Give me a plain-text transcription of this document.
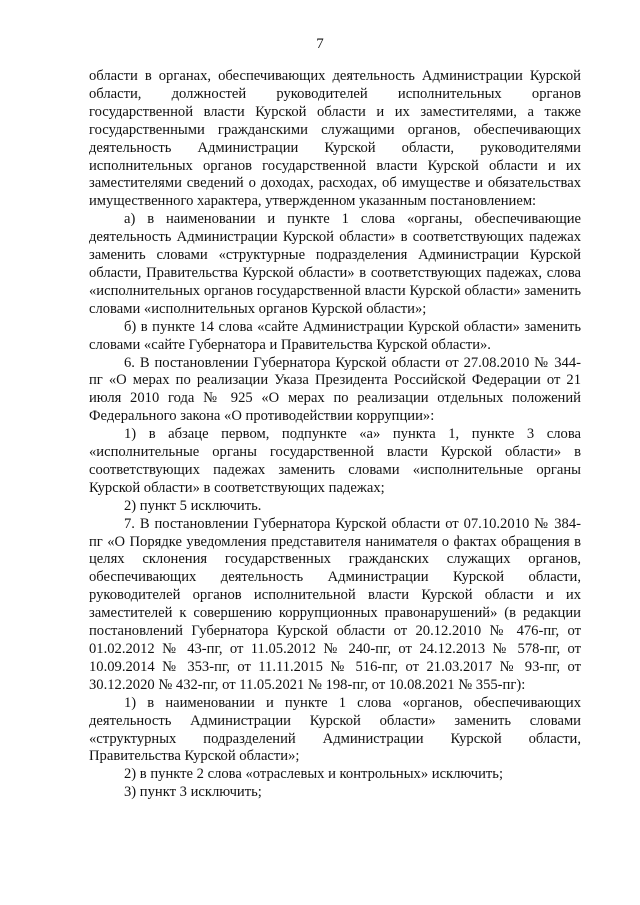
7

области в органах, обеспечивающих деятельность Администрации Курской области, должностей руководителей исполнительных органов государственной власти Курской области и их заместителями, а также государственными гражданскими служащими органов, обеспечивающих деятельность Администрации Курской области, руководителями исполнительных органов государственной власти Курской области и их заместителями сведений о доходах, расходах, об имуществе и обязательствах имущественного характера, утвержденном указанным постановлением:

а) в наименовании и пункте 1 слова «органы, обеспечивающие деятельность Администрации Курской области» в соответствующих падежах заменить словами «структурные подразделения Администрации Курской области, Правительства Курской области» в соответствующих падежах, слова «исполнительных органов государственной власти Курской области» заменить словами «исполнительных органов Курской области»;

б) в пункте 14 слова «сайте Администрации Курской области» заменить словами «сайте Губернатора и Правительства Курской области».

6. В постановлении Губернатора Курской области от 27.08.2010 № 344-пг «О мерах по реализации Указа Президента Российской Федерации от 21 июля 2010 года № 925 «О мерах по реализации отдельных положений Федерального закона «О противодействии коррупции»:

1) в абзаце первом, подпункте «а» пункта 1, пункте 3 слова «исполнительные органы государственной власти Курской области» в соответствующих падежах заменить словами «исполнительные органы Курской области» в соответствующих падежах;

2) пункт 5 исключить.

7. В постановлении Губернатора Курской области от 07.10.2010 № 384-пг «О Порядке уведомления представителя нанимателя о фактах обращения в целях склонения государственных гражданских служащих органов, обеспечивающих деятельность Администрации Курской области, руководителей органов исполнительной власти Курской области и их заместителей к совершению коррупционных правонарушений» (в редакции постановлений Губернатора Курской области от 20.12.2010 № 476-пг, от 01.02.2012 № 43-пг, от 11.05.2012 № 240-пг, от 24.12.2013 № 578-пг, от 10.09.2014 № 353-пг, от 11.11.2015 № 516-пг, от 21.03.2017 № 93-пг, от 30.12.2020 № 432-пг, от 11.05.2021 № 198-пг, от 10.08.2021 № 355-пг):

1) в наименовании и пункте 1 слова «органов, обеспечивающих деятельность Администрации Курской области» заменить словами «структурных подразделений Администрации Курской области, Правительства Курской области»;

2) в пункте 2 слова «отраслевых и контрольных» исключить;

3) пункт 3 исключить;
